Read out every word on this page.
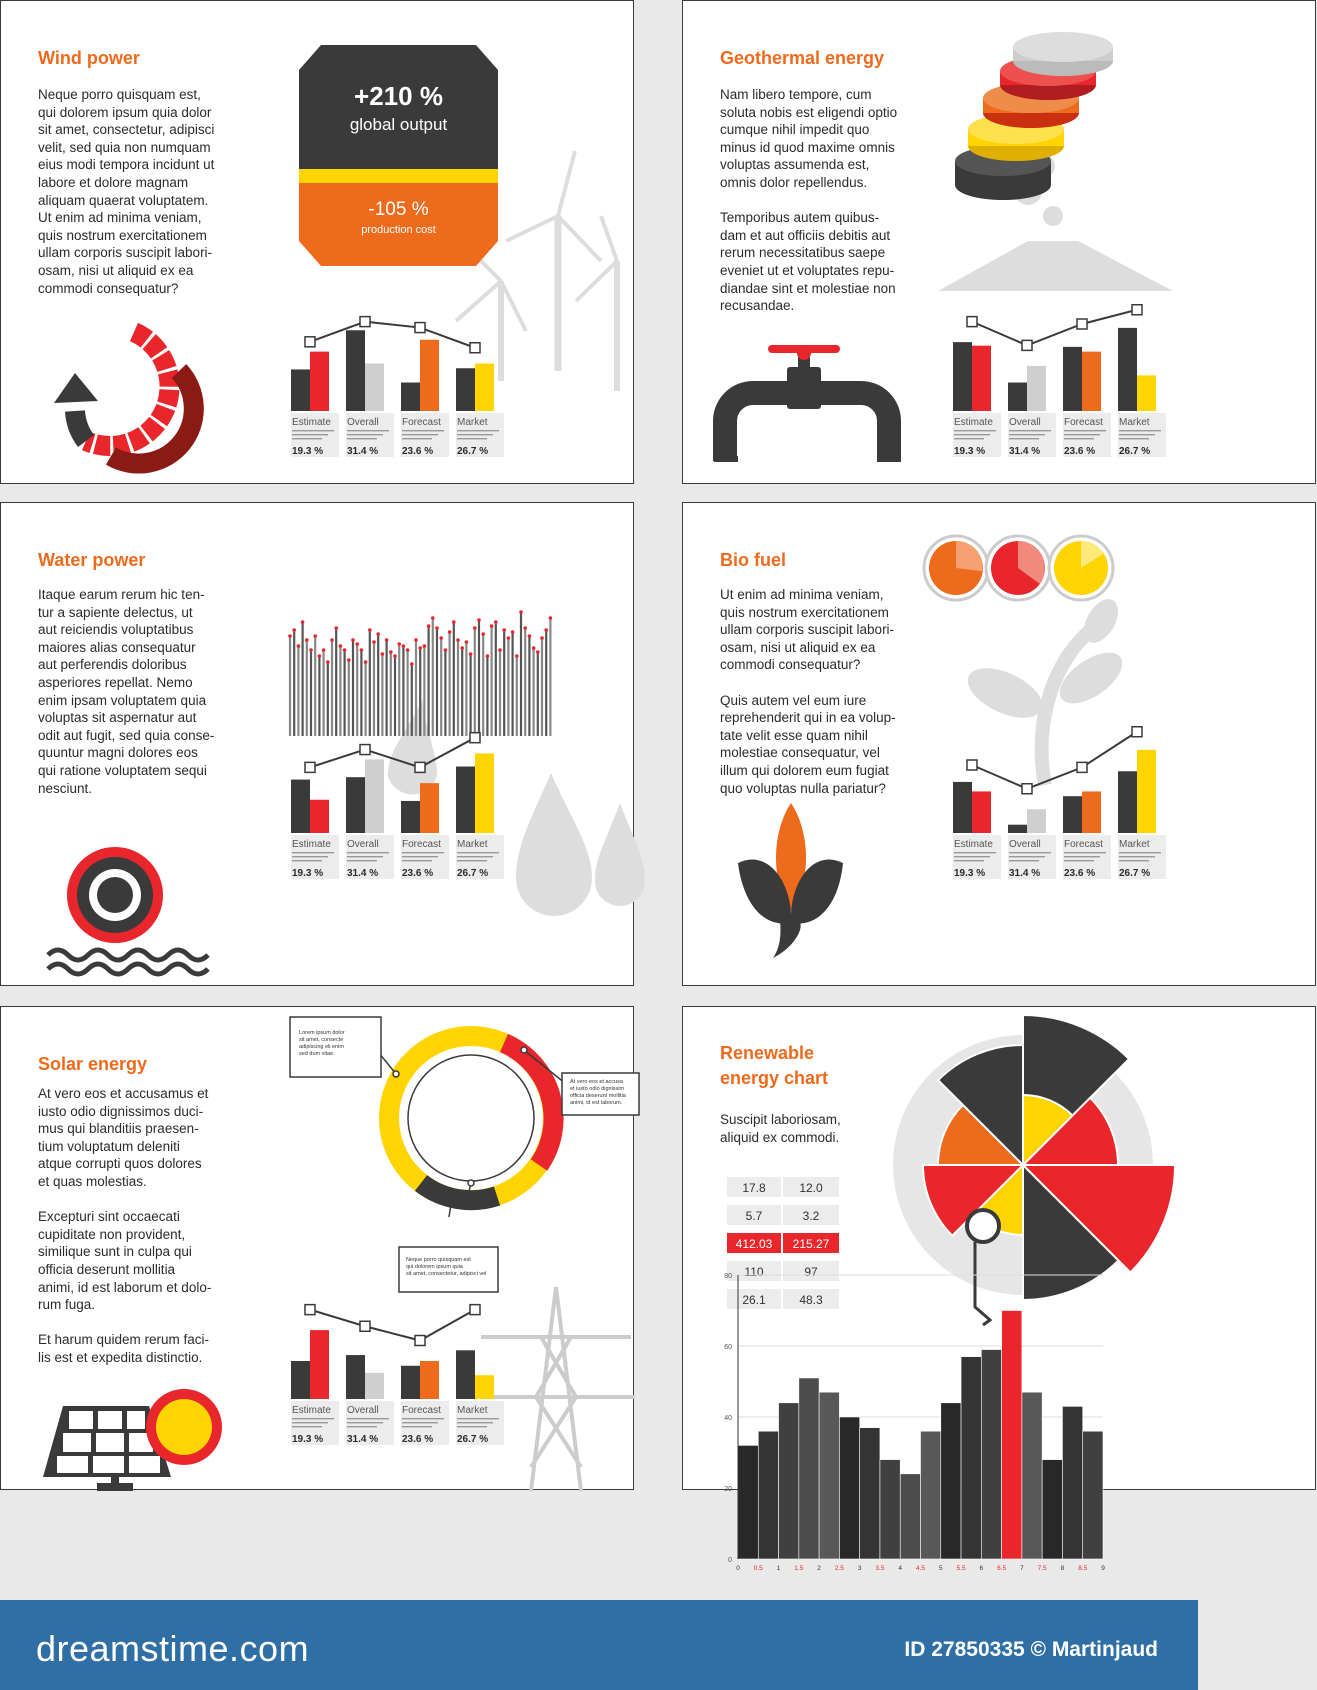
Wind power
Neque porro quisquam est,
qui dolorem ipsum quia dolor
sit amet, consectetur, adipisci
velit, sed quia non numquam
eius modi tempora incidunt ut
labore et dolore magnam
aliquam quaerat voluptatem.
Ut enim ad minima veniam,
quis nostrum exercitationem
ullam corporis suscipit labori-
osam, nisi ut aliquid ex ea
commodi consequatur?
Estimate
19.3 %
Overall
31.4 %
Forecast
23.6 %
Market
26.7 %
+210 %
global output
-105 %
production cost
Geothermal energy
Nam libero tempore, cum
soluta nobis est eligendi optio
cumque nihil impedit quo
minus id quod maxime omnis
voluptas assumenda est,
omnis dolor repellendus.

Temporibus autem quibus-
dam et aut officiis debitis aut
rerum necessitatibus saepe
eveniet ut et voluptates repu-
diandae sint et molestiae non
recusandae.
Estimate
19.3 %
Overall
31.4 %
Forecast
23.6 %
Market
26.7 %
Water power
Itaque earum rerum hic ten-
tur a sapiente delectus, ut
aut reiciendis voluptatibus
maiores alias consequatur
aut perferendis doloribus
asperiores repellat. Nemo
enim ipsam voluptatem quia
voluptas sit aspernatur aut
odit aut fugit, sed quia conse-
quuntur magni dolores eos
qui ratione voluptatem sequi
nesciunt.
Estimate
19.3 %
Overall
31.4 %
Forecast
23.6 %
Market
26.7 %
Bio fuel
Ut enim ad minima veniam,
quis nostrum exercitationem
ullam corporis suscipit labori-
osam, nisi ut aliquid ex ea
commodi consequatur?

Quis autem vel eum iure
reprehenderit qui in ea volup-
tate velit esse quam nihil
molestiae consequatur, vel
illum qui dolorem eum fugiat
quo voluptas nulla pariatur?
Estimate
19.3 %
Overall
31.4 %
Forecast
23.6 %
Market
26.7 %
Solar energy
At vero eos et accusamus et
iusto odio dignissimos duci-
mus qui blanditiis praesen-
tium voluptatum deleniti
atque corrupti quos dolores
et quas molestias.

Excepturi sint occaecati
cupiditate non provident,
similique sunt in culpa qui
officia deserunt mollitia
animi, id est laborum et dolo-
rum fuga.

Et harum quidem rerum faci-
lis est et expedita distinctio.
Estimate
19.3 %
Overall
31.4 %
Forecast
23.6 %
Market
26.7 %
Lorem ipsum dolor
sit amet, consecte
adipiscing eli enim
sed dum vitae.
At vero eos et accusa
et iusto odio dignissim
officia deserunt mollitia
animi, id est laborum.
Neque porro quisquam est
qui dolorem ipsum quia
sit amet, consectetur, adipisci vel
Renewable
energy chart
Suscipit laboriosam,
aliquid ex commodi.
17.8	12.0
5.7	3.2
412.03 215.27
110	97
26.1	48.3
0
20
40
60
80
0 0.5 1 1.5 2 2.5 3 3.5 4 4.5 5 5.5 6 6.5 7 7.5 8 8.5 9
dreamstime.com	ID 27850335 © Martinjaud
